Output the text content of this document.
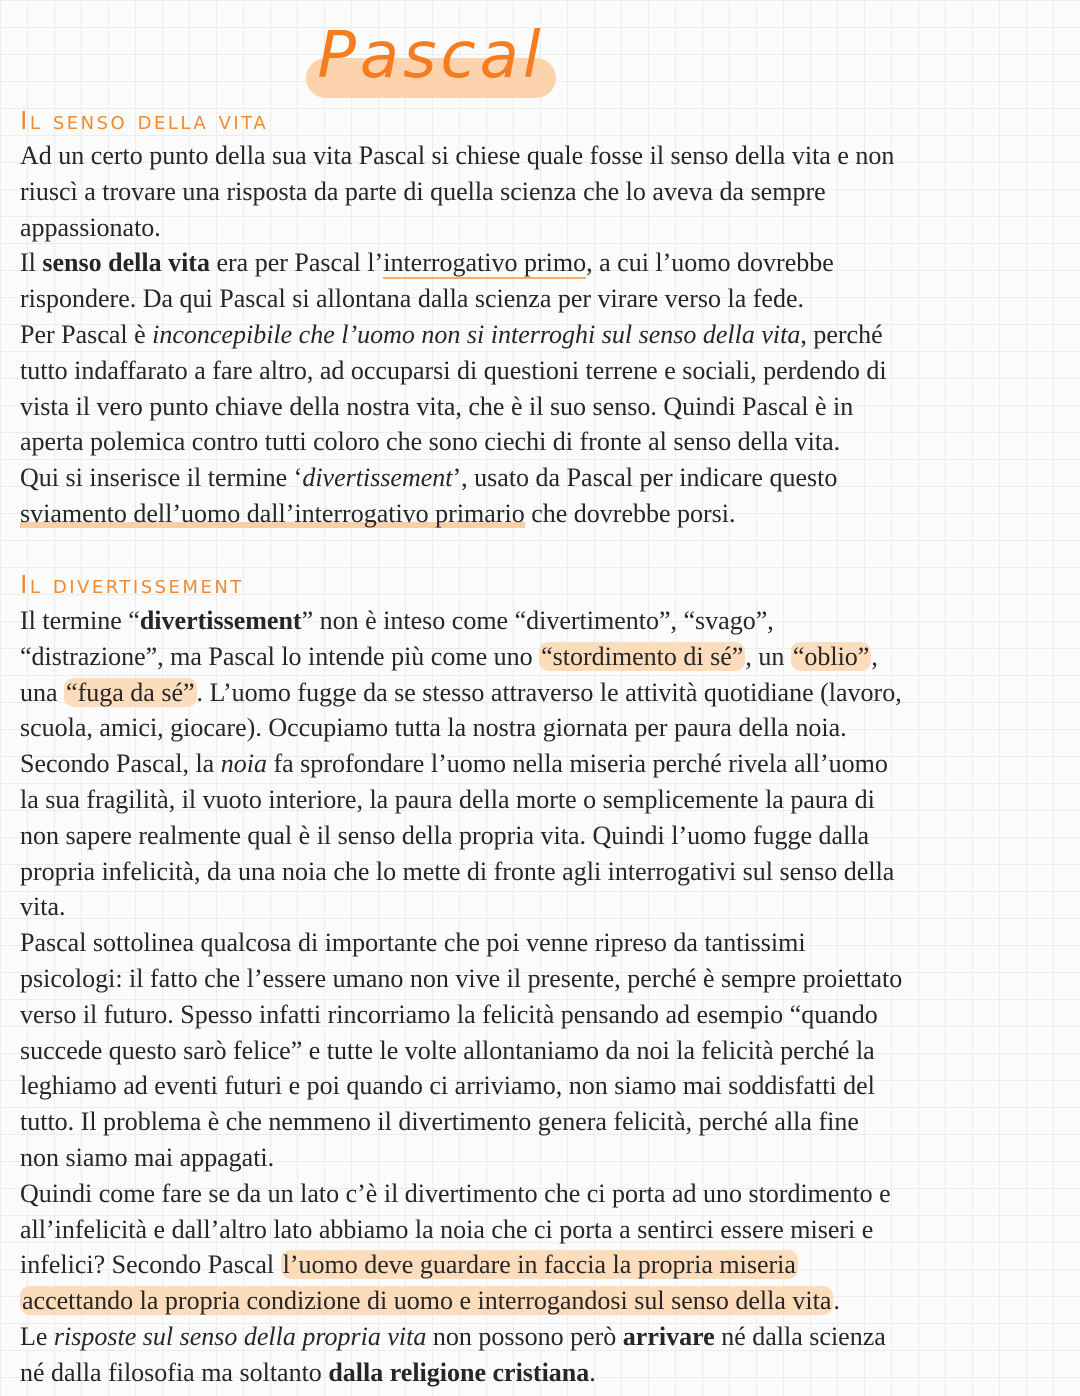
Pascal
Il senso della vita
Ad un certo punto della sua vita Pascal si chiese quale fosse il senso della vita e non
riuscì a trovare una risposta da parte di quella scienza che lo aveva da sempre
appassionato.
Il senso della vita era per Pascal l’interrogativo primo, a cui l’uomo dovrebbe
rispondere. Da qui Pascal si allontana dalla scienza per virare verso la fede.
Per Pascal è inconcepibile che l’uomo non si interroghi sul senso della vita, perché
tutto indaffarato a fare altro, ad occuparsi di questioni terrene e sociali, perdendo di
vista il vero punto chiave della nostra vita, che è il suo senso. Quindi Pascal è in
aperta polemica contro tutti coloro che sono ciechi di fronte al senso della vita.
Qui si inserisce il termine ‘divertissement’, usato da Pascal per indicare questo
sviamento dell’uomo dall’interrogativo primario che dovrebbe porsi.
Il divertissement
Il termine “divertissement” non è inteso come “divertimento”, “svago”,
“distrazione”, ma Pascal lo intende più come uno “stordimento di sé”, un “oblio”,
una “fuga da sé”. L’uomo fugge da se stesso attraverso le attività quotidiane (lavoro,
scuola, amici, giocare). Occupiamo tutta la nostra giornata per paura della noia.
Secondo Pascal, la noia fa sprofondare l’uomo nella miseria perché rivela all’uomo
la sua fragilità, il vuoto interiore, la paura della morte o semplicemente la paura di
non sapere realmente qual è il senso della propria vita. Quindi l’uomo fugge dalla
propria infelicità, da una noia che lo mette di fronte agli interrogativi sul senso della
vita.
Pascal sottolinea qualcosa di importante che poi venne ripreso da tantissimi
psicologi: il fatto che l’essere umano non vive il presente, perché è sempre proiettato
verso il futuro. Spesso infatti rincorriamo la felicità pensando ad esempio “quando
succede questo sarò felice” e tutte le volte allontaniamo da noi la felicità perché la
leghiamo ad eventi futuri e poi quando ci arriviamo, non siamo mai soddisfatti del
tutto. Il problema è che nemmeno il divertimento genera felicità, perché alla fine
non siamo mai appagati.
Quindi come fare se da un lato c’è il divertimento che ci porta ad uno stordimento e
all’infelicità e dall’altro lato abbiamo la noia che ci porta a sentirci essere miseri e
infelici? Secondo Pascal l’uomo deve guardare in faccia la propria miseria
accettando la propria condizione di uomo e interrogandosi sul senso della vita.
Le risposte sul senso della propria vita non possono però arrivare né dalla scienza
né dalla filosofia ma soltanto dalla religione cristiana.
